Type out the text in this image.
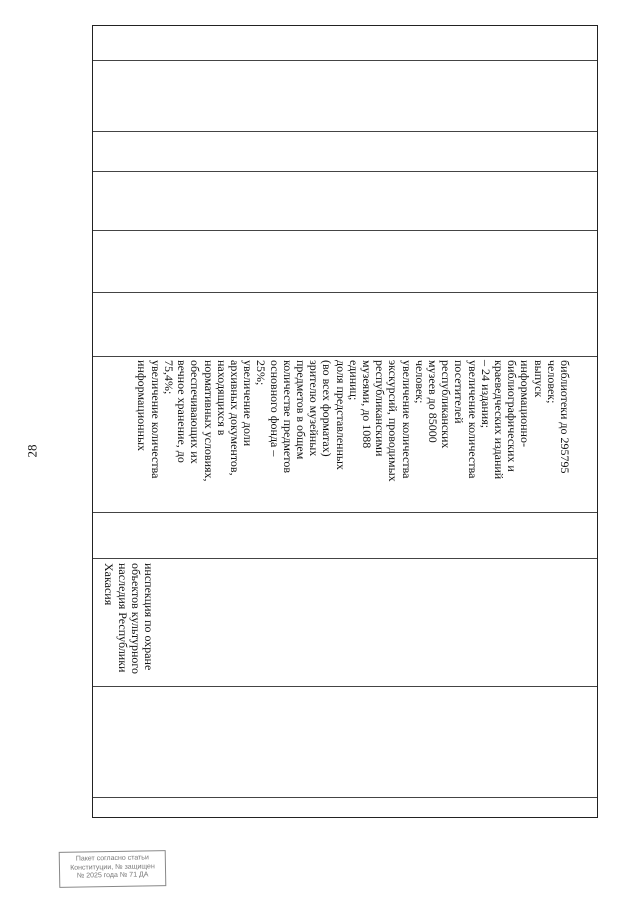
28
инспекция по охране
объектов культурного
наследия Республики
Хакасия
библиотеки до 295795
человек;
выпуск
информационно-
библиографических и
краеведческих изданий
– 24 издания;
увеличение количества
посетителей
республиканских
музеев до 85000
человек;
увеличение количества
экскурсий, проводимых
республиканскими
музеями, до 1088
единиц;
доля представленных
(во всех форматах)
зрителю музейных
предметов в общем
количестве предметов
основного фонда –
25%;
увеличение доли
архивных документов,
находящихся в
нормативных условиях,
обеспечивающих их
вечное хранение, до
75,4%;
увеличение количества
информационных
Пакет согласно статьи
Конституции, № защищен
№ 2025 года № 71 ДА
